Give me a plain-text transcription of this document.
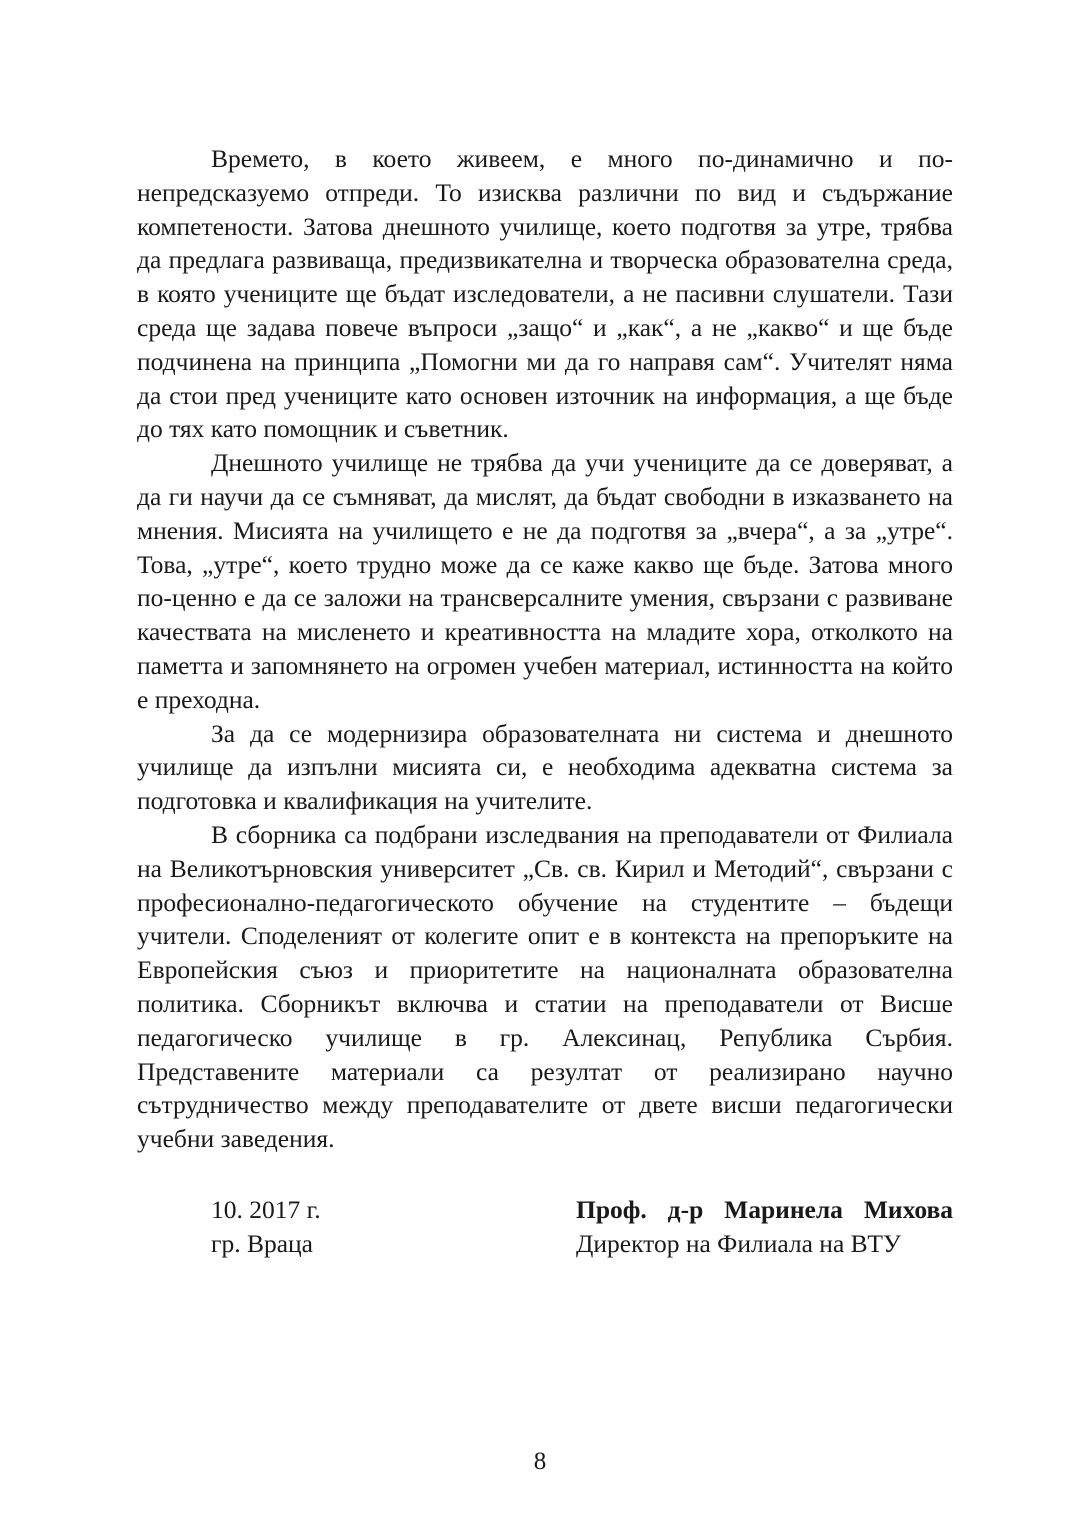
Времето, в което живеем, е много по-динамично и по-непредсказуемо отпреди. То изисква различни по вид и съдържание компетености. Затова днешното училище, което подготвя за утре, трябва да предлага развиваща, предизвикателна и творческа образователна среда, в която учениците ще бъдат изследователи, а не пасивни слушатели. Тази среда ще задава повече въпроси „защо“ и „как“, а не „какво“ и ще бъде подчинена на принципа „Помогни ми да го направя сам“. Учителят няма да стои пред учениците като основен източник на информация, а ще бъде до тях като помощник и съветник.

Днешното училище не трябва да учи учениците да се доверяват, а да ги научи да се съмняват, да мислят, да бъдат свободни в изказването на мнения. Мисията на училището е не да подготвя за „вчера“, а за „утре“. Това, „утре“, което трудно може да се каже какво ще бъде. Затова много по-ценно е да се заложи на трансверсалните умения, свързани с развиване качествата на мисленето и креативността на младите хора, отколкото на паметта и запомнянето на огромен учебен материал, истинността на който е преходна.

За да се модернизира образователната ни система и днешното училище да изпълни мисията си, е необходима адекватна система за подготовка и квалификация на учителите.

В сборника са подбрани изследвания на преподаватели от Филиала на Великотърновския университет „Св. св. Кирил и Методий“, свързани с професионално-педагогическото обучение на студентите – бъдещи учители. Споделеният от колегите опит е в контекста на препоръките на Европейския съюз и приоритетите на националната образователна политика. Сборникът включва и статии на преподаватели от Висше педагогическо училище в гр. Алексинац, Република Сърбия. Представените материали са резултат от реализирано научно сътрудничество между преподавателите от двете висши педагогически учебни заведения.

10. 2017 г.
гр. Враца
Проф. д-р Маринела Михова
Директор на Филиала на ВТУ
8
